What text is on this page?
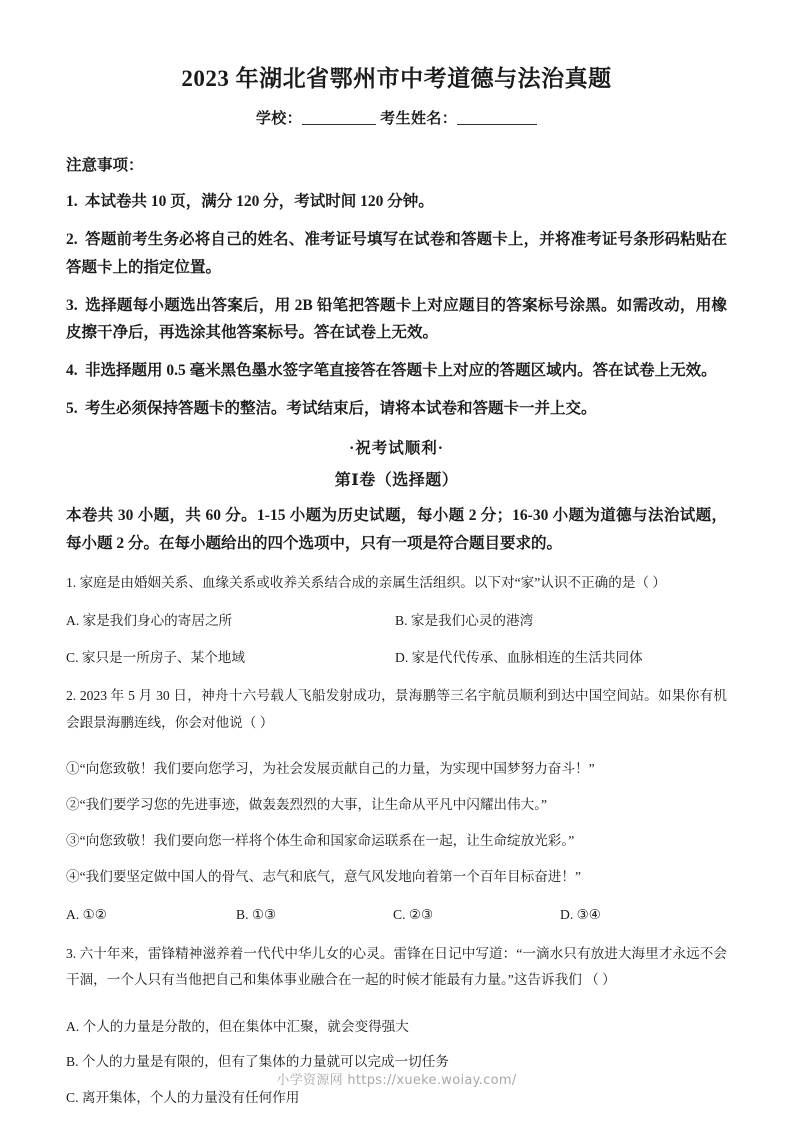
2023 年湖北省鄂州市中考道德与法治真题

学校：	考生姓名：

注意事项：

1. 本试卷共 10 页，满分 120 分，考试时间 120 分钟。

2. 答题前考生务必将自己的姓名、准考证号填写在试卷和答题卡上，并将准考证号条形码粘贴在答题卡上的指定位置。

3. 选择题每小题选出答案后，用 2B 铅笔把答题卡上对应题目的答案标号涂黑。如需改动，用橡皮擦干净后，再选涂其他答案标号。答在试卷上无效。

4. 非选择题用 0.5 毫米黑色墨水签字笔直接答在答题卡上对应的答题区域内。答在试卷上无效。

5. 考生必须保持答题卡的整洁。考试结束后，请将本试卷和答题卡一并上交。

·祝考试顺利·

第Ⅰ卷（选择题）

本卷共 30 小题，共 60 分。1-15 小题为历史试题，每小题 2 分；16-30 小题为道德与法治试题，每小题 2 分。在每小题给出的四个选项中，只有一项是符合题目要求的。

1. 家庭是由婚姻关系、血缘关系或收养关系结合成的亲属生活组织。以下对“家”认识不正确的是（ ）

A. 家是我们身心的寄居之所	B. 家是我们心灵的港湾
C. 家只是一所房子、某个地域	D. 家是代代传承、血脉相连的生活共同体

2. 2023 年 5 月 30 日，神舟十六号载人飞船发射成功，景海鹏等三名宇航员顺利到达中国空间站。如果你有机会跟景海鹏连线，你会对他说（ ）

①“向您致敬！我们要向您学习，为社会发展贡献自己的力量，为实现中国梦努力奋斗！”

②“我们要学习您的先进事迹，做轰轰烈烈的大事，让生命从平凡中闪耀出伟大。”

③“向您致敬！我们要向您一样将个体生命和国家命运联系在一起，让生命绽放光彩。”

④“我们要坚定做中国人的骨气、志气和底气，意气风发地向着第一个百年目标奋进！”

A. ①②	B. ①③	C. ②③	D. ③④

3. 六十年来，雷锋精神滋养着一代代中华儿女的心灵。雷锋在日记中写道：“一滴水只有放进大海里才永远不会干涸，一个人只有当他把自己和集体事业融合在一起的时候才能最有力量。”这告诉我们 （ ）

A. 个人的力量是分散的，但在集体中汇聚，就会变得强大

B. 个人的力量是有限的，但有了集体的力量就可以完成一切任务

C. 离开集体，个人的力量没有任何作用

小学资源网 https://xueke.woiay.com/
